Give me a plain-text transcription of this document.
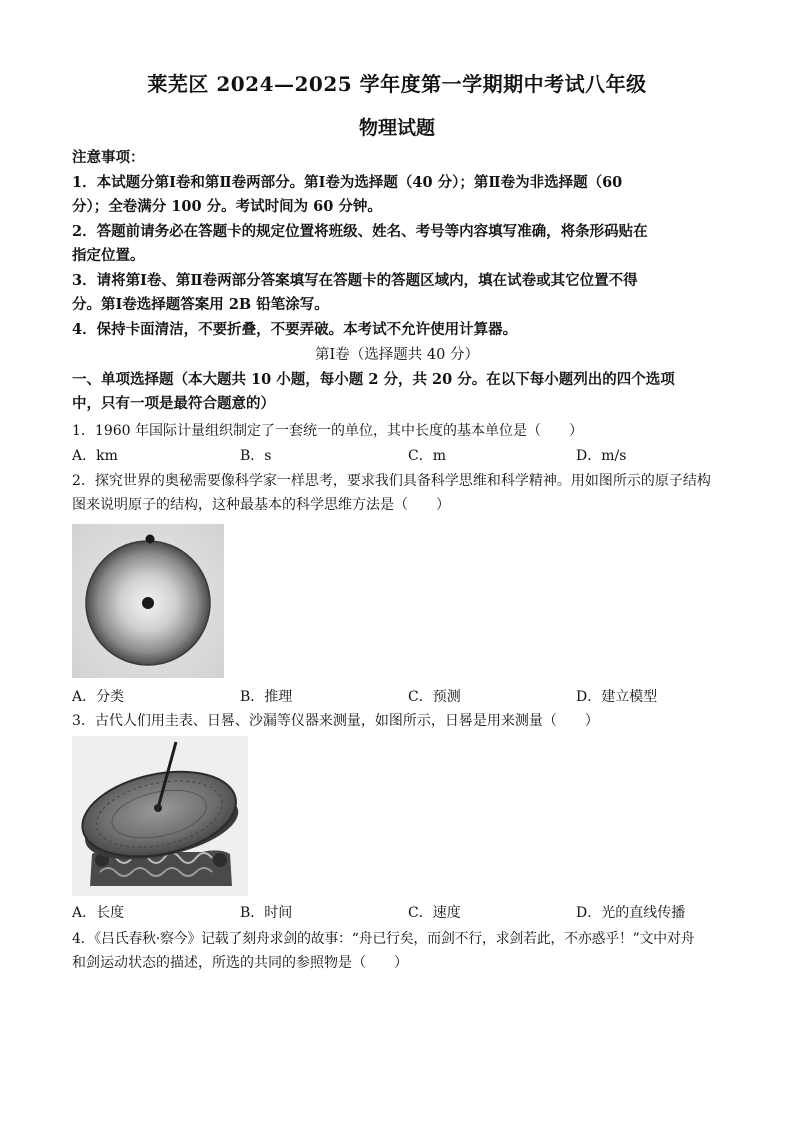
莱芜区 2024—2025 学年度第一学期期中考试八年级
物理试题
注意事项：
1．本试题分第Ⅰ卷和第Ⅱ卷两部分。第Ⅰ卷为选择题（40 分）；第Ⅱ卷为非选择题（60
分）；全卷满分 100 分。考试时间为 60 分钟。
2．答题前请务必在答题卡的规定位置将班级、姓名、考号等内容填写准确，将条形码贴在
指定位置。
3．请将第Ⅰ卷、第Ⅱ卷两部分答案填写在答题卡的答题区域内，填在试卷或其它位置不得
分。第Ⅰ卷选择题答案用 2B 铅笔涂写。
4．保持卡面清洁，不要折叠，不要弄破。本考试不允许使用计算器。
第Ⅰ卷（选择题共 40 分）
一、单项选择题（本大题共 10 小题，每小题 2 分，共 20 分。在以下每小题列出的四个选项
中，只有一项是最符合题意的）
1．1960 年国际计量组织制定了一套统一的单位，其中长度的基本单位是（　　）
A．km	B．s	C．m	D．m/s
2．探究世界的奥秘需要像科学家一样思考，要求我们具备科学思维和科学精神。用如图所示的原子结构
图来说明原子的结构，这种最基本的科学思维方法是（　　）
A．分类	B．推理	C．预测	D．建立模型
3．古代人们用圭表、日晷、沙漏等仪器来测量，如图所示，日晷是用来测量（　　）
A．长度	B．时间	C．速度	D．光的直线传播
4．《吕氏春秋·察今》记载了刻舟求剑的故事：“舟已行矣，而剑不行，求剑若此，不亦惑乎！”文中对舟
和剑运动状态的描述，所选的共同的参照物是（　　）
